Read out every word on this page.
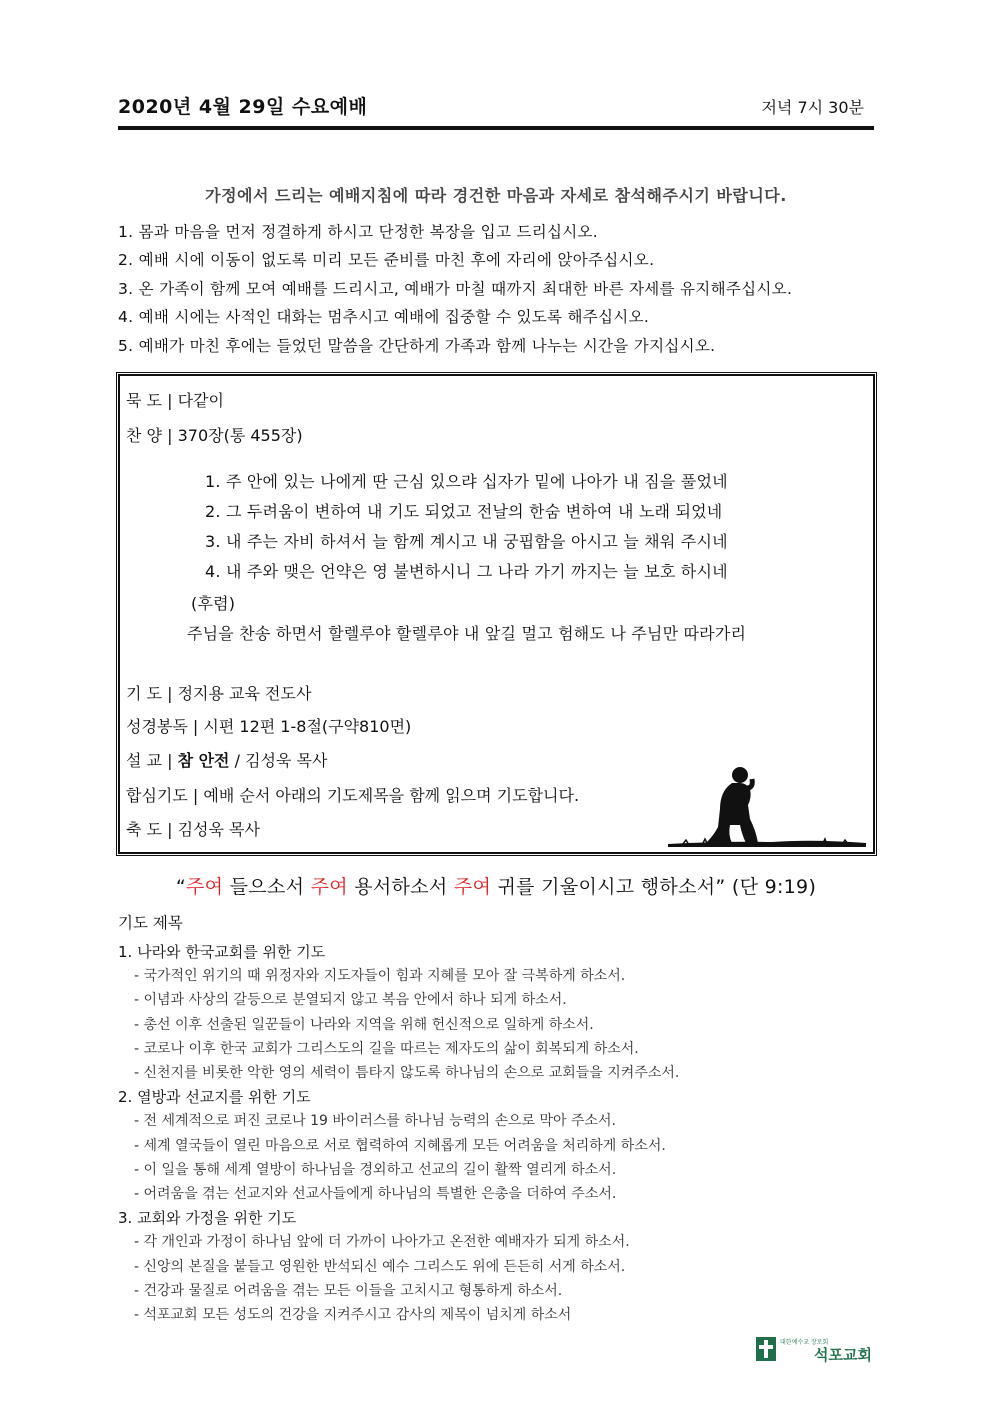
2020년 4월 29일 수요예배	저녁 7시 30분
가정에서 드리는 예배지침에 따라 경건한 마음과 자세로 참석해주시기 바랍니다.
1. 몸과 마음을 먼저 정결하게 하시고 단정한 복장을 입고 드리십시오.
2. 예배 시에 이동이 없도록 미리 모든 준비를 마친 후에 자리에 앉아주십시오.
3. 온 가족이 함께 모여 예배를 드리시고, 예배가 마칠 때까지 최대한 바른 자세를 유지해주십시오.
4. 예배 시에는 사적인 대화는 멈추시고 예배에 집중할 수 있도록 해주십시오.
5. 예배가 마친 후에는 들었던 말씀을 간단하게 가족과 함께 나누는 시간을 가지십시오.
묵 도 | 다같이
찬 양 | 370장(통 455장)
1. 주 안에 있는 나에게 딴 근심 있으랴 십자가 밑에 나아가 내 짐을 풀었네
2. 그 두려움이 변하여 내 기도 되었고 전날의 한숨 변하여 내 노래 되었네
3. 내 주는 자비 하셔서 늘 함께 계시고 내 궁핍함을 아시고 늘 채워 주시네
4. 내 주와 맺은 언약은 영 불변하시니 그 나라 가기 까지는 늘 보호 하시네
(후렴)
주님을 찬송 하면서 할렐루야 할렐루야 내 앞길 멀고 험해도 나 주님만 따라가리
기 도 | 정지용 교육 전도사
성경봉독 | 시편 12편 1-8절(구약810면)
설 교 | 참 안전 / 김성욱 목사
합심기도 | 예배 순서 아래의 기도제목을 함께 읽으며 기도합니다.
축 도 | 김성욱 목사
“주여 들으소서 주여 용서하소서 주여 귀를 기울이시고 행하소서” (단 9:19)
기도 제목
1. 나라와 한국교회를 위한 기도
- 국가적인 위기의 때 위정자와 지도자들이 힘과 지혜를 모아 잘 극복하게 하소서.
- 이념과 사상의 갈등으로 분열되지 않고 복음 안에서 하나 되게 하소서.
- 총선 이후 선출된 일꾼들이 나라와 지역을 위해 헌신적으로 일하게 하소서.
- 코로나 이후 한국 교회가 그리스도의 길을 따르는 제자도의 삶이 회복되게 하소서.
- 신천지를 비롯한 악한 영의 세력이 틈타지 않도록 하나님의 손으로 교회들을 지켜주소서.
2. 열방과 선교지를 위한 기도
- 전 세계적으로 퍼진 코로나 19 바이러스를 하나님 능력의 손으로 막아 주소서.
- 세계 열국들이 열린 마음으로 서로 협력하여 지혜롭게 모든 어려움을 처리하게 하소서.
- 이 일을 통해 세계 열방이 하나님을 경외하고 선교의 길이 활짝 열리게 하소서.
- 어려움을 겪는 선교지와 선교사들에게 하나님의 특별한 은총을 더하여 주소서.
3. 교회와 가정을 위한 기도
- 각 개인과 가정이 하나님 앞에 더 가까이 나아가고 온전한 예배자가 되게 하소서.
- 신앙의 본질을 붙들고 영원한 반석되신 예수 그리스도 위에 든든히 서게 하소서.
- 건강과 물질로 어려움을 겪는 모든 이들을 고치시고 형통하게 하소서.
- 석포교회 모든 성도의 건강을 지켜주시고 감사의 제목이 넘치게 하소서
대한예수교 장로회
석포교회
